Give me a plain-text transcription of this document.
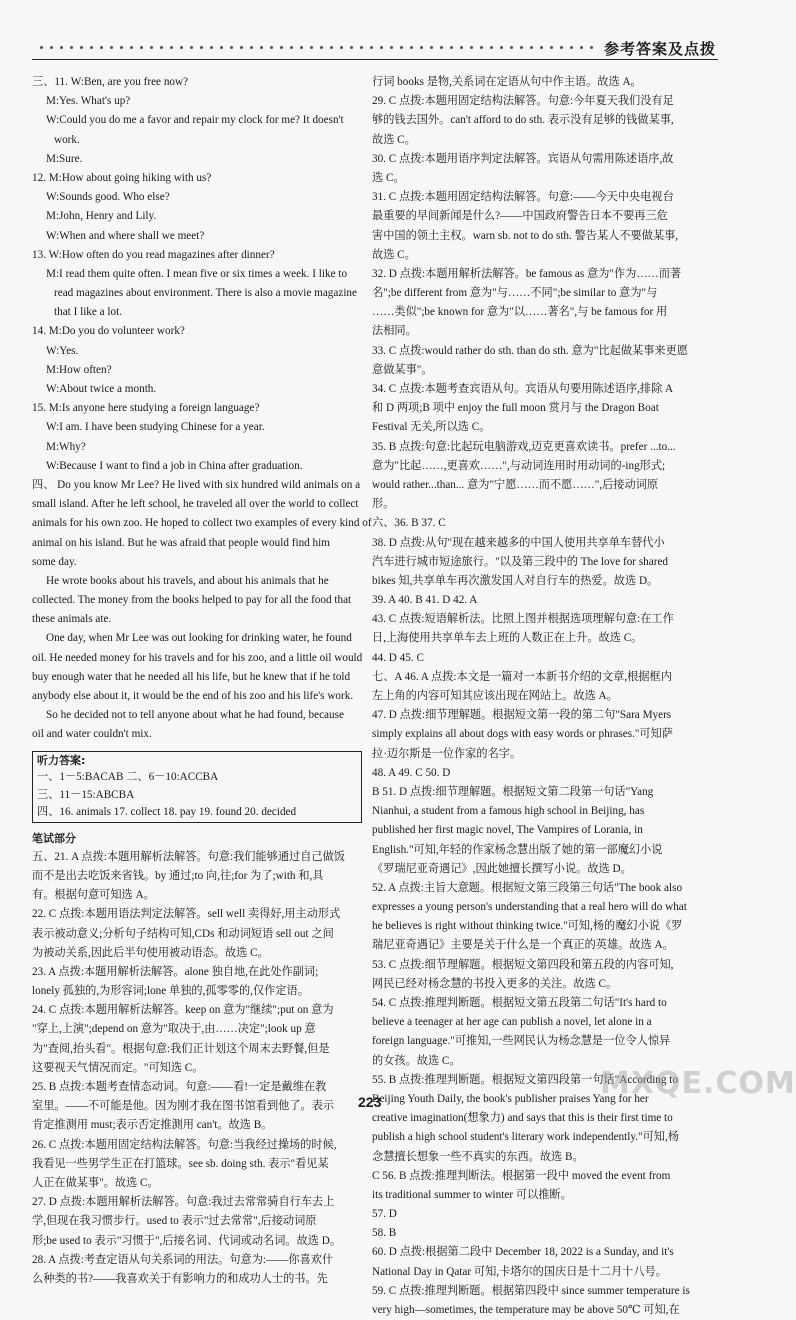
参考答案及点拨
三、11. W:Ben, are you free now?
M:Yes. What's up?
W:Could you do me a favor and repair my clock for me? It doesn't
work.
M:Sure.
12. M:How about going hiking with us?
W:Sounds good. Who else?
M:John, Henry and Lily.
W:When and where shall we meet?
13. W:How often do you read magazines after dinner?
M:I read them quite often. I mean five or six times a week. I like to
read magazines about environment. There is also a movie magazine
that I like a lot.
14. M:Do you do volunteer work?
W:Yes.
M:How often?
W:About twice a month.
15. M:Is anyone here studying a foreign language?
W:I am. I have been studying Chinese for a year.
M:Why?
W:Because I want to find a job in China after graduation.
四、 Do you know Mr Lee? He lived with six hundred wild animals on a
small island. After he left school, he traveled all over the world to collect
animals for his own zoo. He hoped to collect two examples of every kind of
animal on his island. But he was afraid that people would find him
some day.
He wrote books about his travels, and about his animals that he
collected. The money from the books helped to pay for all the food that
these animals ate.
One day, when Mr Lee was out looking for drinking water, he found
oil. He needed money for his travels and for his zoo, and a little oil would
buy enough water that he needed all his life, but he knew that if he told
anybody else about it, it would be the end of his zoo and his life's work.
So he decided not to tell anyone about what he had found, because
oil and water couldn't mix.
听力答案:
一、1－5:BACAB 二、6－10:ACCBA
三、11－15:ABCBA
四、16. animals 17. collect 18. pay 19. found 20. decided
笔试部分
五、21. A 点拨:本题用解析法解答。句意:我们能够通过自己做饭
而不是出去吃饭来省钱。by 通过;to 向,往;for 为了;with 和,具
有。根据句意可知选 A。
22. C 点拨:本题用语法判定法解答。sell well 卖得好,用主动形式
表示被动意义;分析句子结构可知,CDs 和动词短语 sell out 之间
为被动关系,因此后半句使用被动语态。故选 C。
23. A 点拨:本题用解析法解答。alone 独自地,在此处作副词;
lonely 孤独的,为形容词;lone 单独的,孤零零的,仅作定语。
24. C 点拨:本题用解析法解答。keep on 意为"继续";put on 意为
"穿上,上演";depend on 意为"取决于,由……决定";look up 意
为"查阅,抬头看"。根据句意:我们正计划这个周末去野餐,但是
这要视天气情况而定。"可知选 C。
25. B 点拨:本题考查情态动词。句意:——看!一定是戴维在教
室里。——不可能是他。因为刚才我在图书馆看到他了。表示
肯定推测用 must;表示否定推测用 can't。故选 B。
26. C 点拨:本题用固定结构法解答。句意:当我经过操场的时候,
我看见一些男学生正在打篮球。see sb. doing sth. 表示"看见某
人正在做某事"。故选 C。
27. D 点拨:本题用解析法解答。句意:我过去常常骑自行车去上
学,但现在我习惯步行。used to 表示"过去常常",后接动词原
形;be used to 表示"习惯于",后接名词、代词或动名词。故选 D。
28. A 点拨:考查定语从句关系词的用法。句意为:——你喜欢什
么种类的书?——我喜欢关于有影响力的和成功人士的书。先
行词 books 是物,关系词在定语从句中作主语。故选 A。
29. C 点拨:本题用固定结构法解答。句意:今年夏天我们没有足
够的钱去国外。can't afford to do sth. 表示没有足够的钱做某事,
故选 C。
30. C 点拨:本题用语序判定法解答。宾语从句需用陈述语序,故
选 C。
31. C 点拨:本题用固定结构法解答。句意:——今天中央电视台
最重要的早间新闻是什么?——中国政府警告日本不要再三危
害中国的领土主权。warn sb. not to do sth. 警告某人不要做某事,
故选 C。
32. D 点拨:本题用解析法解答。be famous as 意为"作为……而著
名";be different from 意为"与……不同";be similar to 意为"与
……类似";be known for 意为"以……著名",与 be famous for 用
法相同。
33. C 点拨:would rather do sth. than do sth. 意为"比起做某事来更愿
意做某事"。
34. C 点拨:本题考查宾语从句。宾语从句要用陈述语序,排除 A
和 D 两项;B 项中 enjoy the full moon 赏月与 the Dragon Boat
Festival 无关,所以选 C。
35. B 点拨:句意:比起玩电脑游戏,迈克更喜欢读书。prefer ...to...
意为"比起……,更喜欢……",与动词连用时用动词的-ing形式;
would rather...than... 意为"宁愿……而不愿……",后接动词原
形。
六、36. B 37. C
38. D 点拨:从句"现在越来越多的中国人使用共享单车替代小
汽车进行城市短途旅行。"以及第三段中的 The love for shared
bikes 知,共享单车再次激发国人对自行车的热爱。故选 D。
39. A 40. B 41. D 42. A
43. C 点拨:短语解析法。比照上图并根据选项理解句意:在工作
日,上海使用共享单车去上班的人数正在上升。故选 C。
44. D 45. C
七、A 46. A 点拨:本文是一篇对一本新书介绍的文章,根据框内
左上角的内容可知其应该出现在网站上。故选 A。
47. D 点拨:细节理解题。根据短文第一段的第二句"Sara Myers
simply explains all about dogs with easy words or phrases."可知萨
拉·迈尔斯是一位作家的名字。
48. A 49. C 50. D
B 51. D 点拨:细节理解题。根据短文第二段第一句话"Yang
Nianhui, a student from a famous high school in Beijing, has
published her first magic novel, The Vampires of Lorania, in
English."可知,年轻的作家杨念慧出版了她的第一部魔幻小说
《罗瑞尼亚奇遇记》,因此她擅长撰写小说。故选 D。
52. A 点拨:主旨大意题。根据短文第三段第三句话"The book also
expresses a young person's understanding that a real hero will do what
he believes is right without thinking twice."可知,杨的魔幻小说《罗
瑞尼亚奇遇记》主要是关于什么是一个真正的英雄。故选 A。
53. C 点拨:细节理解题。根据短文第四段和第五段的内容可知,
网民已经对杨念慧的书投入更多的关注。故选 C。
54. C 点拨:推理判断题。根据短文第五段第二句话"It's hard to
believe a teenager at her age can publish a novel, let alone in a
foreign language."可推知,一些网民认为杨念慧是一位令人惊异
的女孩。故选 C。
55. B 点拨:推理判断题。根据短文第四段第一句话"According to
Beijing Youth Daily, the book's publisher praises Yang for her
creative imagination(想象力) and says that this is their first time to
publish a high school student's literary work independently."可知,杨
念慧擅长想象一些不真实的东西。故选 B。
C 56. B 点拨:推理判断法。根据第一段中 moved the event from
its traditional summer to winter 可以推断。
57. D
58. B
60. D 点拨:根据第二段中 December 18, 2022 is a Sunday, and it's
National Day in Qatar 可知,卡塔尔的国庆日是十二月十八号。
59. C 点拨:推理判断题。根据第四段中 since summer temperature is
very high—sometimes, the temperature may be above 50℃ 可知,在
223
MXQE.COM
